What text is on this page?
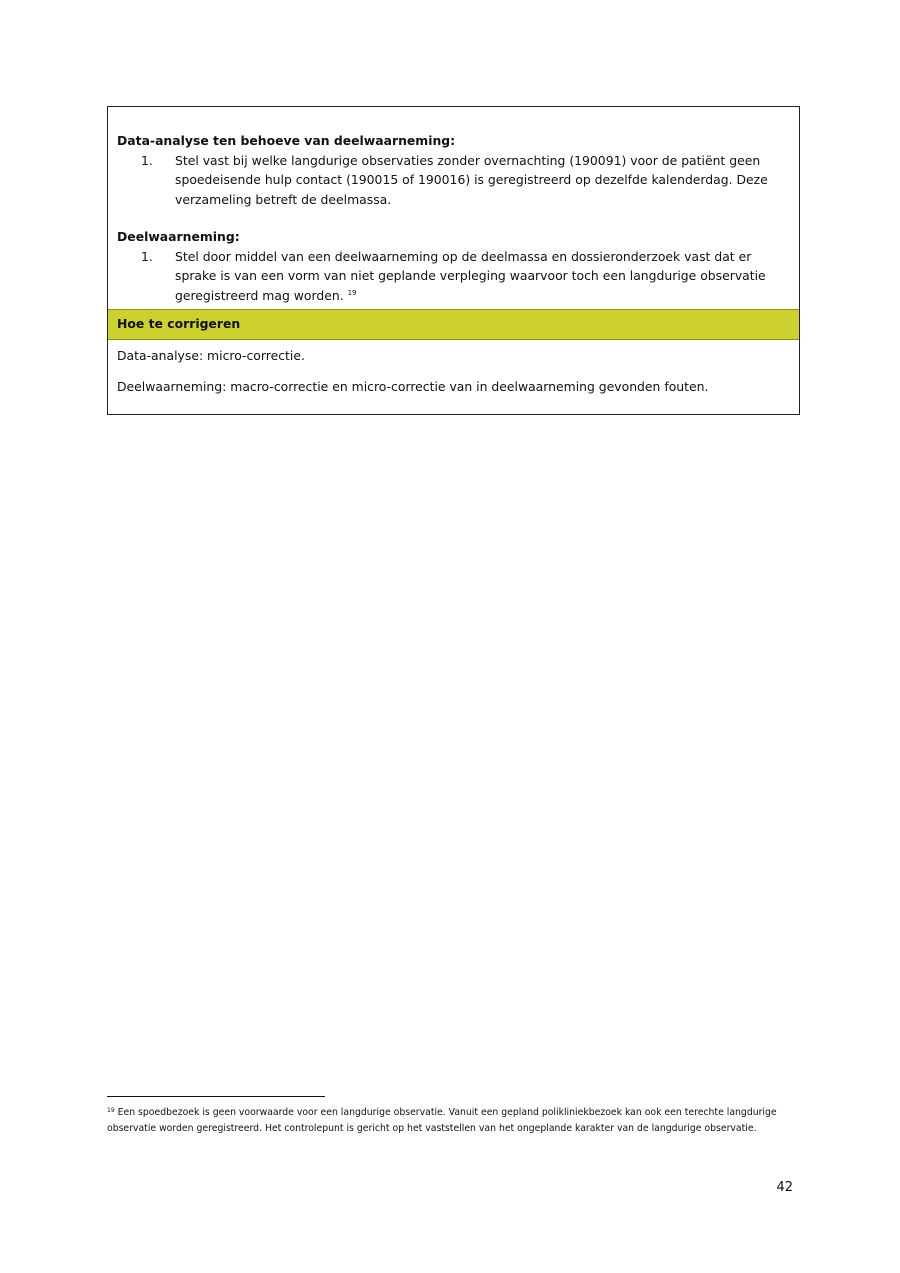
Data-analyse ten behoeve van deelwaarneming:

1.	Stel vast bij welke langdurige observaties zonder overnachting (190091) voor de patiënt geen spoedeisende hulp contact (190015 of 190016) is geregistreerd op dezelfde kalenderdag. Deze verzameling betreft de deelmassa.

Deelwaarneming:

1.	Stel door middel van een deelwaarneming op de deelmassa en dossieronderzoek vast dat er sprake is van een vorm van niet geplande verpleging waarvoor toch een langdurige observatie geregistreerd mag worden. $^{19}$
Hoe te corrigeren

Data-analyse: micro-correctie.

Deelwaarneming: macro-correctie en micro-correctie van in deelwaarneming gevonden fouten.

$^{19}$ Een spoedbezoek is geen voorwaarde voor een langdurige observatie. Vanuit een gepland polikliniekbezoek kan ook een terechte langdurige observatie worden geregistreerd. Het controlepunt is gericht op het vaststellen van het ongeplande karakter van de langdurige observatie.
42
